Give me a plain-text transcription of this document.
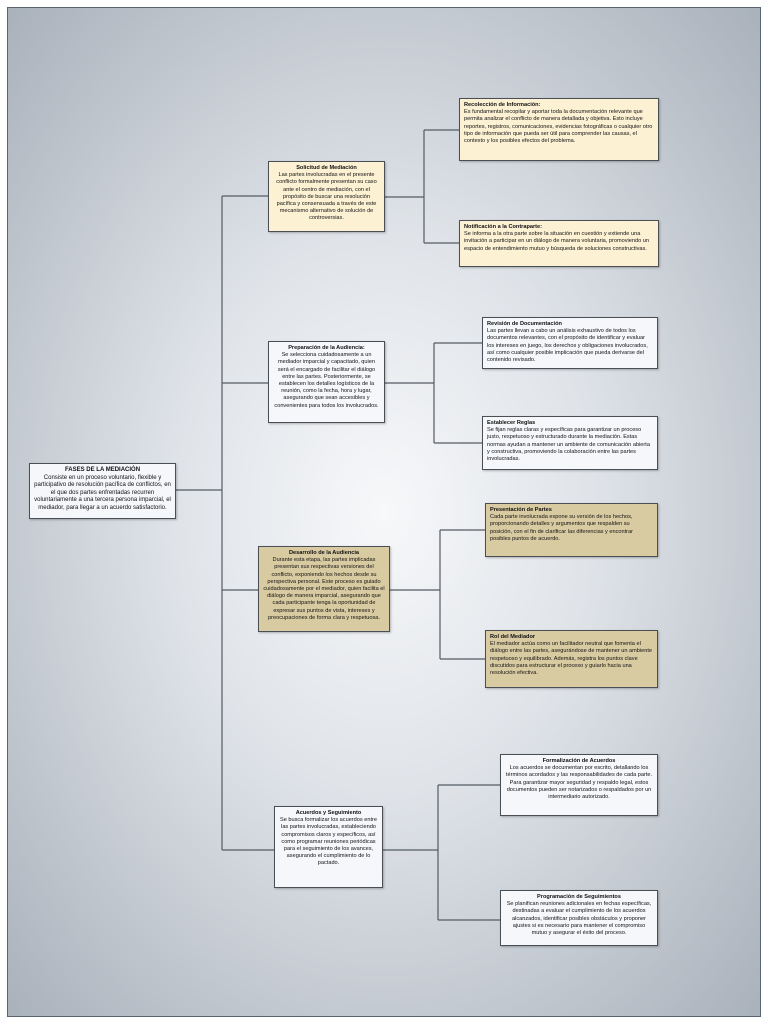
FASES DE LA MEDIACIÓN
Consiste en un proceso voluntario, flexible y participativo de resolución pacífica de conflictos, en el que dos partes enfrentadas recurren voluntariamente a una tercera persona imparcial, el mediador, para llegar a un acuerdo satisfactorio.
Solicitud de Mediación
Las partes involucradas en el presente conflicto formalmente presentan su caso ante el centro de mediación, con el propósito de buscar una resolución pacífica y consensuada a través de este mecanismo alternativo de solución de controversias.
Recolección de Información:
Es fundamental recopilar y aportar toda la documentación relevante que permita analizar el conflicto de manera detallada y objetiva. Esto incluye reportes, registros, comunicaciones, evidencias fotográficas o cualquier otro tipo de información que pueda ser útil para comprender las causas, el contexto y los posibles efectos del problema.
Notificación a la Contraparte:
Se informa a la otra parte sobre la situación en cuestión y extiende una invitación a participar en un diálogo de manera voluntaria, promoviendo un espacio de entendimiento mutuo y búsqueda de soluciones constructivas.
Preparación de la Audiencia:
Se selecciona cuidadosamente a un mediador imparcial y capacitado, quien será el encargado de facilitar el diálogo entre las partes. Posteriormente, se establecen los detalles logísticos de la reunión, como la fecha, hora y lugar, asegurando que sean accesibles y convenientes para todos los involucrados.
Revisión de Documentación
Las partes llevan a cabo un análisis exhaustivo de todos los documentos relevantes, con el propósito de identificar y evaluar los intereses en juego, los derechos y obligaciones involucrados, así como cualquier posible implicación que pueda derivarse del contenido revisado.
Establecer Reglas
Se fijan reglas claras y específicas para garantizar un proceso justo, respetuoso y estructurado durante la mediación. Estas normas ayudan a mantener un ambiente de comunicación abierta y constructiva, promoviendo la colaboración entre las partes involucradas.
Desarrollo de la Audiencia
Durante esta etapa, las partes implicadas presentan sus respectivas versiones del conflicto, exponiendo los hechos desde su perspectiva personal. Este proceso es guiado cuidadosamente por el mediador, quien facilita el diálogo de manera imparcial, asegurando que cada participante tenga la oportunidad de expresar sus puntos de vista, intereses y preocupaciones de forma clara y respetuosa.
Presentación de Partes
Cada parte involucrada expone su versión de los hechos, proporcionando detalles y argumentos que respalden su posición, con el fin de clarificar las diferencias y encontrar posibles puntos de acuerdo.
Rol del Mediador
El mediador actúa como un facilitador neutral que fomenta el diálogo entre las partes, asegurándose de mantener un ambiente respetuoso y equilibrado. Además, registra los puntos clave discutidos para estructurar el proceso y guiarlo hacia una resolución efectiva.
Acuerdos y Seguimiento
Se busca formalizar los acuerdos entre las partes involucradas, estableciendo compromisos claros y específicos, así como programar reuniones periódicas para el seguimiento de los avances, asegurando el cumplimiento de lo pactado.
Formalización de Acuerdos
Los acuerdos se documentan por escrito, detallando los términos acordados y las responsabilidades de cada parte. Para garantizar mayor seguridad y respaldo legal, estos documentos pueden ser notarizados o respaldados por un intermediario autorizado.
Programación de Seguimientos
Se planifican reuniones adicionales en fechas específicas, destinadas a evaluar el cumplimiento de los acuerdos alcanzados, identificar posibles obstáculos y proponer ajustes si es necesario para mantener el compromiso mutuo y asegurar el éxito del proceso.
